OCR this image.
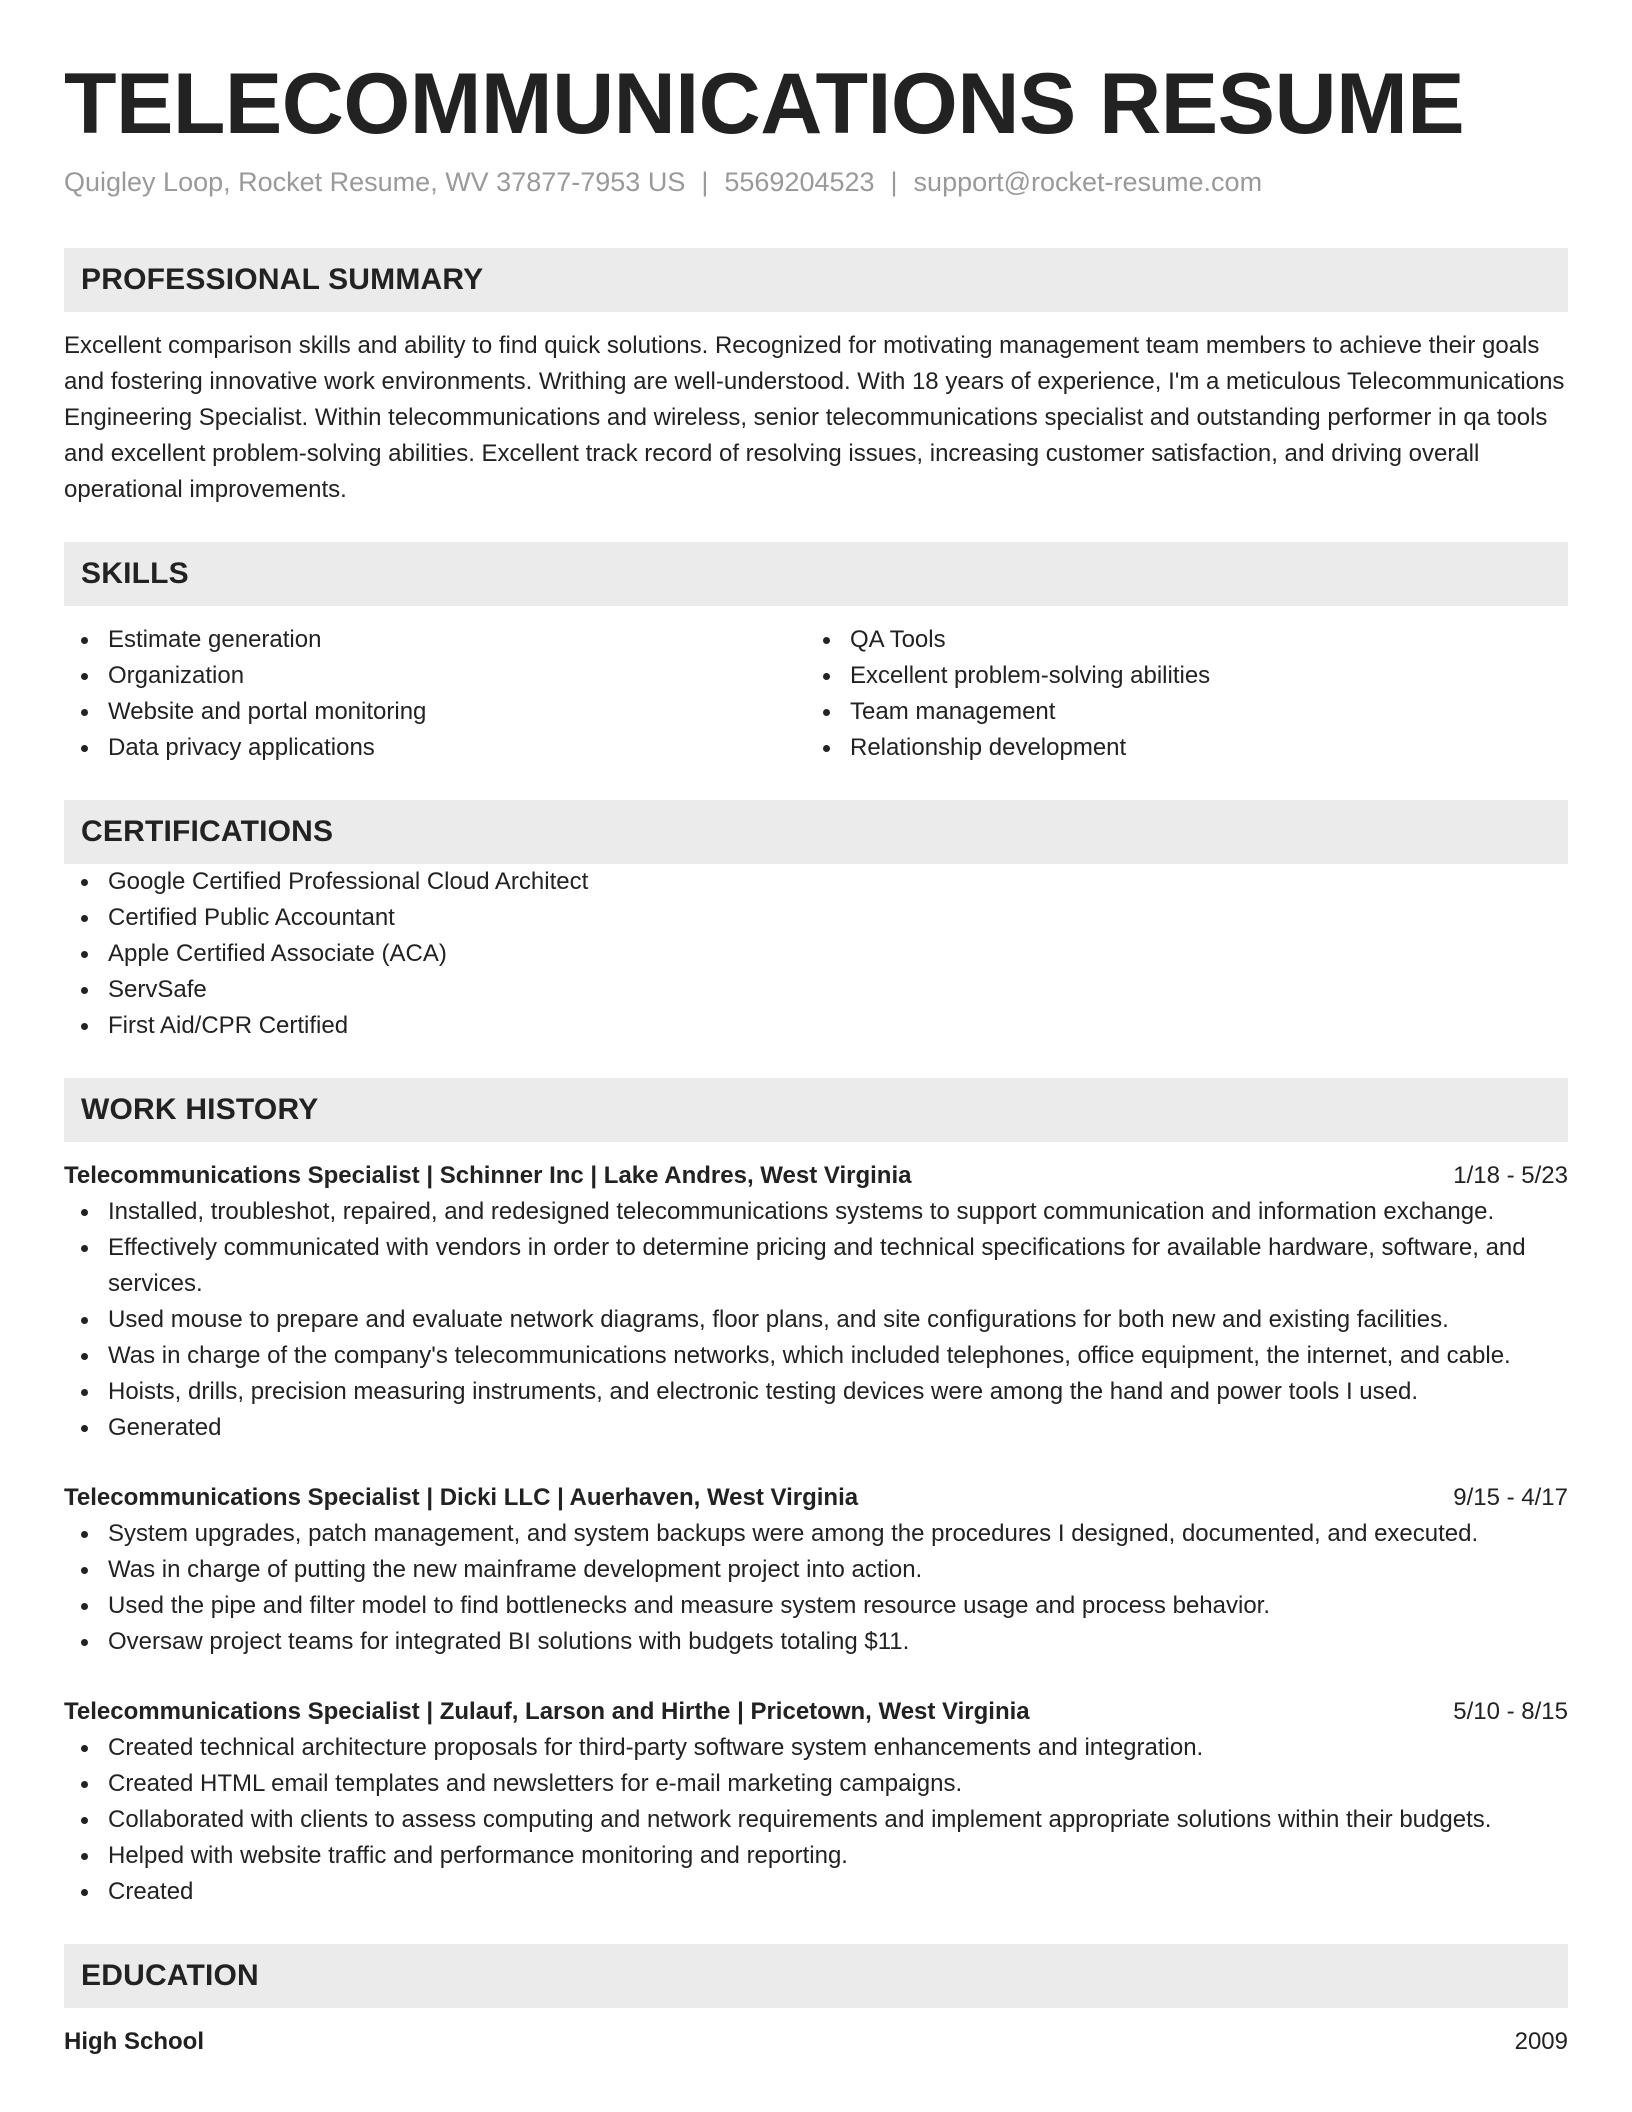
TELECOMMUNICATIONS RESUME
Quigley Loop, Rocket Resume, WV 37877-7953 US | 5569204523 | support@rocket-resume.com
PROFESSIONAL SUMMARY

Excellent comparison skills and ability to find quick solutions. Recognized for motivating management team members to achieve their goals and fostering innovative work environments. Writhing are well-understood. With 18 years of experience, I'm a meticulous Telecommunications Engineering Specialist. Within telecommunications and wireless, senior telecommunications specialist and outstanding performer in qa tools and excellent problem-solving abilities. Excellent track record of resolving issues, increasing customer satisfaction, and driving overall operational improvements.

SKILLS
Estimate generation
Organization
Website and portal monitoring
Data privacy applications
QA Tools
Excellent problem-solving abilities
Team management
Relationship development
CERTIFICATIONS
Google Certified Professional Cloud Architect
Certified Public Accountant
Apple Certified Associate (ACA)
ServSafe
First Aid/CPR Certified
WORK HISTORY
Telecommunications Specialist | Schinner Inc | Lake Andres, West Virginia	1/18 - 5/23
Installed, troubleshot, repaired, and redesigned telecommunications systems to support communication and information exchange.
Effectively communicated with vendors in order to determine pricing and technical specifications for available hardware, software, and services.
Used mouse to prepare and evaluate network diagrams, floor plans, and site configurations for both new and existing facilities.
Was in charge of the company's telecommunications networks, which included telephones, office equipment, the internet, and cable.
Hoists, drills, precision measuring instruments, and electronic testing devices were among the hand and power tools I used.
Generated
Telecommunications Specialist | Dicki LLC | Auerhaven, West Virginia	9/15 - 4/17
System upgrades, patch management, and system backups were among the procedures I designed, documented, and executed.
Was in charge of putting the new mainframe development project into action.
Used the pipe and filter model to find bottlenecks and measure system resource usage and process behavior.
Oversaw project teams for integrated BI solutions with budgets totaling $11.
Telecommunications Specialist | Zulauf, Larson and Hirthe | Pricetown, West Virginia	5/10 - 8/15
Created technical architecture proposals for third-party software system enhancements and integration.
Created HTML email templates and newsletters for e-mail marketing campaigns.
Collaborated with clients to assess computing and network requirements and implement appropriate solutions within their budgets.
Helped with website traffic and performance monitoring and reporting.
Created
EDUCATION
High School	2009
